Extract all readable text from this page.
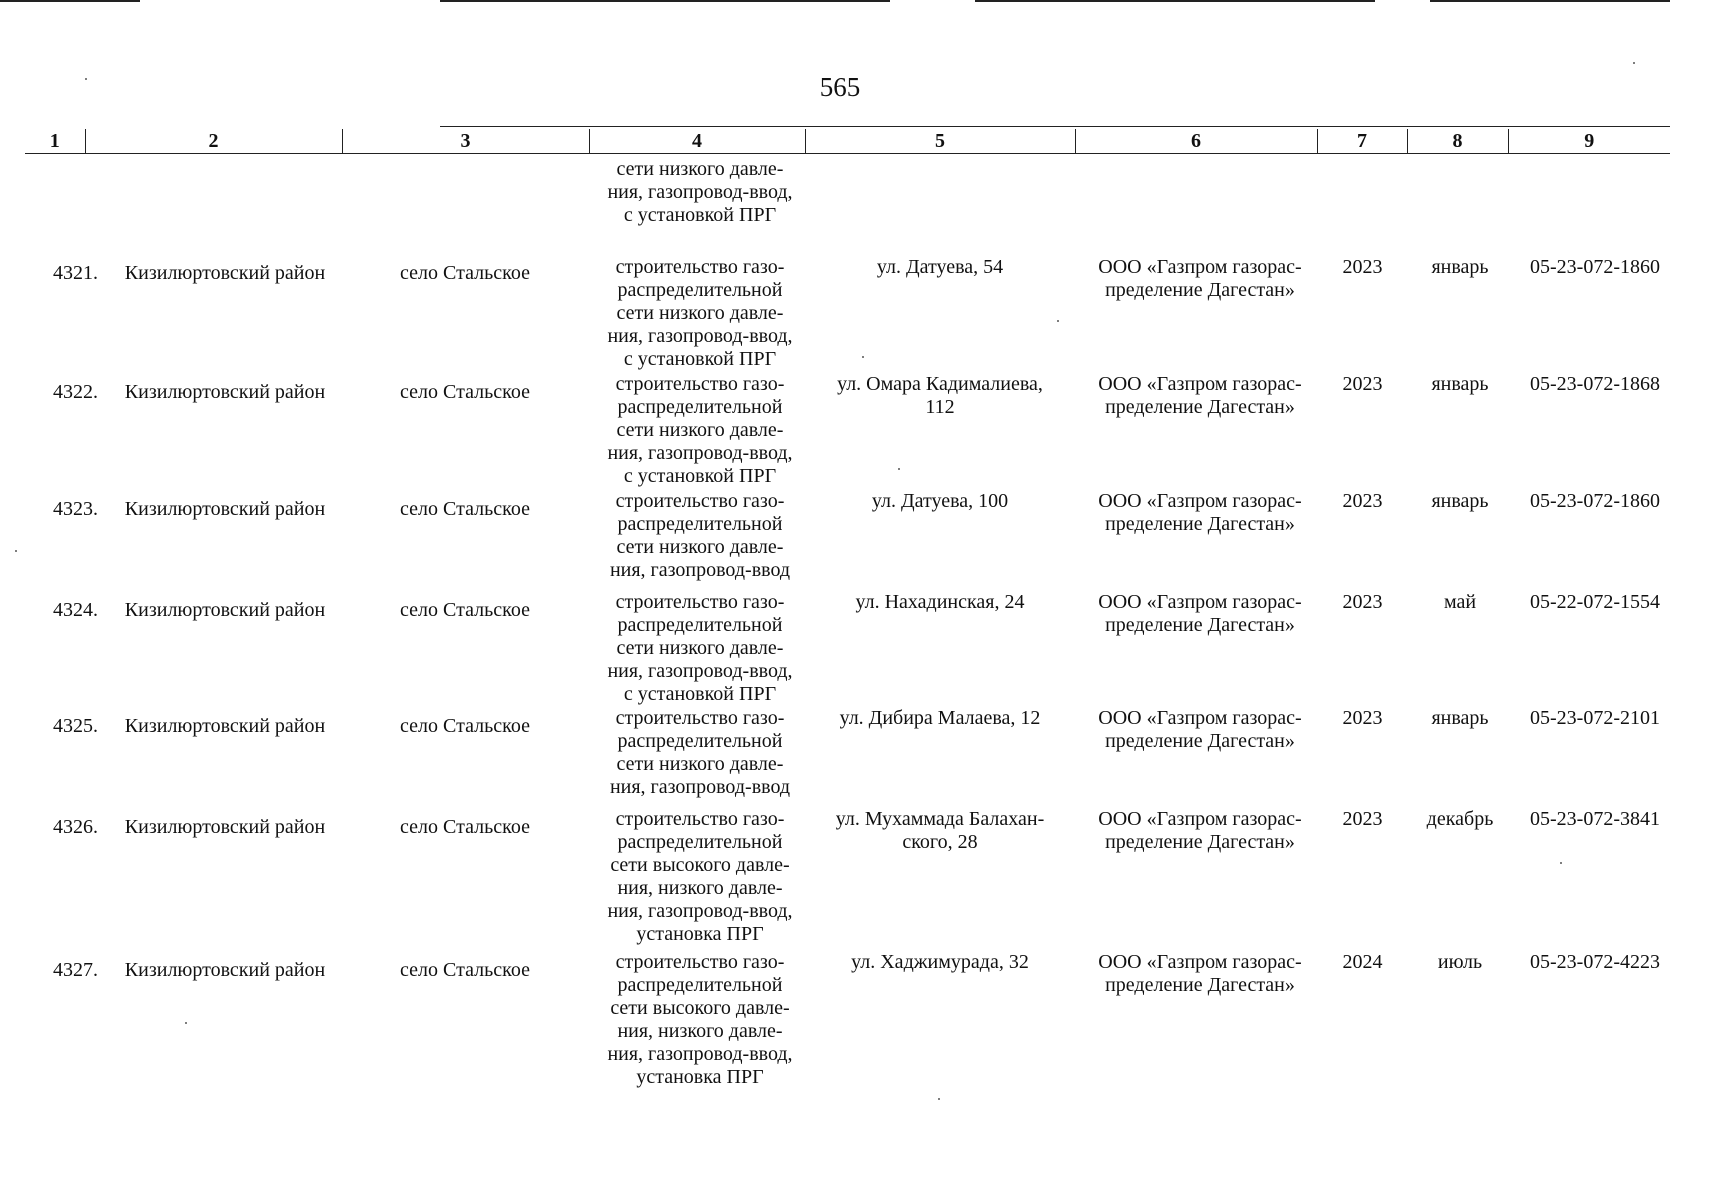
565
1	2	3	4	5	6	7	8	9
сети низкого давле-
ния, газопровод-ввод,
с установкой ПРГ
4321.	Кизилюртовский район	село Стальское	строительство газо-
распределительной
сети низкого давле-
ния, газопровод-ввод,
с установкой ПРГ
ул. Датуева, 54	ООО «Газпром газорас-
пределение Дагестан»
2023	январь	05-23-072-1860
4322.	Кизилюртовский район	село Стальское	строительство газо-
распределительной
сети низкого давле-
ния, газопровод-ввод,
с установкой ПРГ
ул. Омара Кадималиева,
112
ООО «Газпром газорас-
пределение Дагестан»
2023	январь	05-23-072-1868
4323.	Кизилюртовский район	село Стальское	строительство газо-
распределительной
сети низкого давле-
ния, газопровод-ввод
ул. Датуева, 100	ООО «Газпром газорас-
пределение Дагестан»
2023	январь	05-23-072-1860
4324.	Кизилюртовский район	село Стальское	строительство газо-
распределительной
сети низкого давле-
ния, газопровод-ввод,
с установкой ПРГ
ул. Нахадинская, 24	ООО «Газпром газорас-
пределение Дагестан»
2023	май	05-22-072-1554
4325.	Кизилюртовский район	село Стальское	строительство газо-
распределительной
сети низкого давле-
ния, газопровод-ввод
ул. Дибира Малаева, 12	ООО «Газпром газорас-
пределение Дагестан»
2023	январь	05-23-072-2101
4326.	Кизилюртовский район	село Стальское	строительство газо-
распределительной
сети высокого давле-
ния, низкого давле-
ния, газопровод-ввод,
установка ПРГ
ул. Мухаммада Балахан-
ского, 28
ООО «Газпром газорас-
пределение Дагестан»
2023	декабрь	05-23-072-3841
4327.	Кизилюртовский район	село Стальское	строительство газо-
распределительной
сети высокого давле-
ния, низкого давле-
ния, газопровод-ввод,
установка ПРГ
ул. Хаджимурада, 32	ООО «Газпром газорас-
пределение Дагестан»
2024	июль	05-23-072-4223
